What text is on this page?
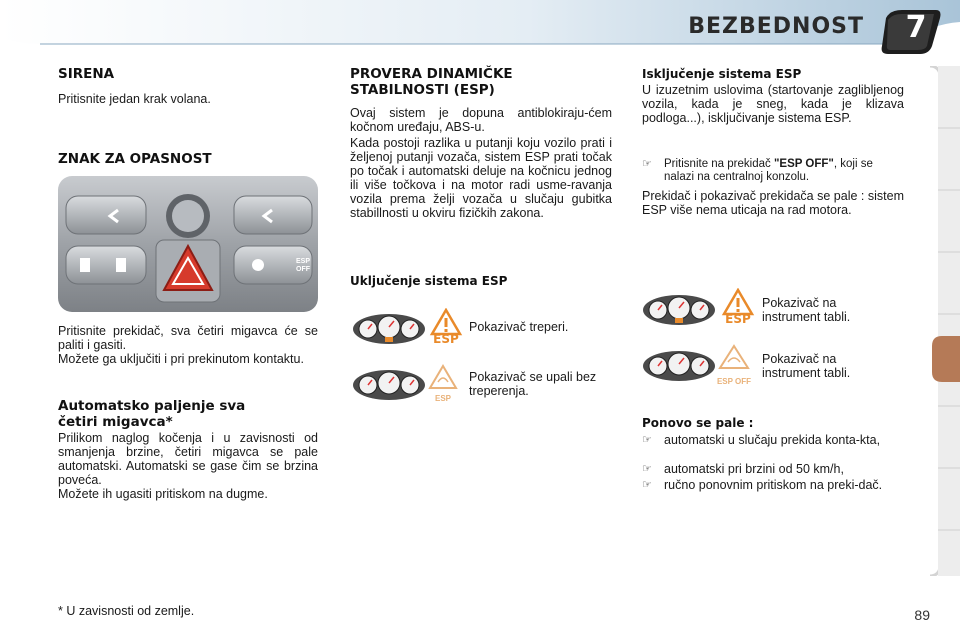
BEZBEDNOST	7
SIRENA
Pritisnite jedan krak volana.
ZNAK ZA OPASNOST
ESP OFF
Pritisnite prekidač, sva četiri migavca će se paliti i gasiti.
Možete ga uključiti i pri prekinutom kontaktu.
Automatsko paljenje sva četiri migavca*
Prilikom naglog kočenja i u zavisnosti od smanjenja brzine, četiri migavca se pale automatski. Automatski se gase čim se brzina poveća.
Možete ih ugasiti pritiskom na dugme.
* U zavisnosti od zemlje.
PROVERA DINAMIČKE STABILNOSTI (ESP)
Ovaj sistem je dopuna antiblokiraju-ćem kočnom uređaju, ABS-u.
Kada postoji razlika u putanji koju vozilo prati i željenoj putanji vozača, sistem ESP prati točak po točak i automatski deluje na kočnicu jednog ili više točkova i na motor radi usme-ravanja vozila prema želji vozača u slučaju gubitka stabillnosti u okviru fizičkih zakona.
Uključenje sistema ESP
ESP
Pokazivač treperi.
ESP
Pokazivač se upali bez treperenja.
Isključenje sistema ESP
U izuzetnim uslovima (startovanje zaglibljenog vozila, kada je sneg, kada je klizava podloga...), isključivanje sistema ESP.
☞	Pritisnite na prekidač "ESP OFF", koji se nalazi na centralnoj konzolu.
Prekidač i pokazivač prekidača se pale : sistem ESP više nema uticaja na rad motora.
ESP
Pokazivač na instrument tabli.
ESP OFF
Pokazivač na instrument tabli.
Ponovo se pale :
☞ automatski u slučaju prekida konta-kta,
☞ automatski pri brzini od 50 km/h,
☞ ručno ponovnim pritiskom na preki-dač.
89
